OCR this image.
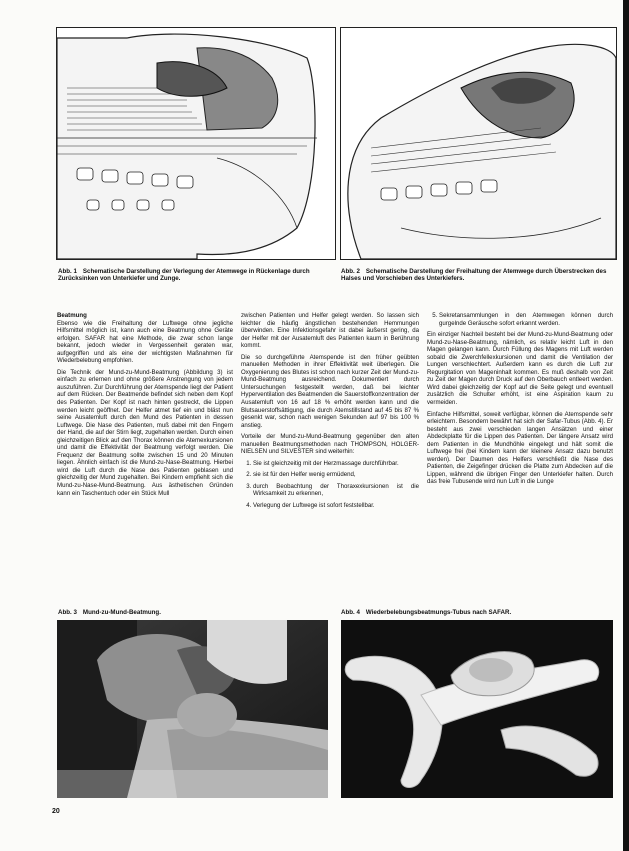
Abb. 1 Schematische Darstellung der Verlegung der Atemwege in Rückenlage durch Zurücksinken von Unterkiefer und Zunge.
Abb. 2 Schematische Darstellung der Freihaltung der Atemwege durch Überstrecken des Halses und Vorschieben des Unterkiefers.

Beatmung

Ebenso wie die Freihaltung der Luftwege ohne jegliche Hilfsmittel möglich ist, kann auch eine Beatmung ohne Geräte erfolgen. SAFAR hat eine Methode, die zwar schon lange bekannt, jedoch wieder in Vergessenheit geraten war, aufgegriffen und als eine der wichtigsten Maßnahmen für Wiederbelebung empfohlen.

Die Technik der Mund-zu-Mund-Beatmung (Abbildung 3) ist einfach zu erlernen und ohne größere Anstrengung von jedem auszuführen. Zur Durchführung der Atemspende liegt der Patient auf dem Rücken. Der Beatmende befindet sich neben dem Kopf des Patienten. Der Kopf ist nach hinten gestreckt, die Lippen werden leicht geöffnet. Der Helfer atmet tief ein und bläst nun seine Ausatemluft durch den Mund des Patienten in dessen Luftwege. Die Nase des Patienten, muß dabei mit den Fingern der Hand, die auf der Stirn liegt, zugehalten werden. Durch einen gleichzeitigen Blick auf den Thorax können die Atemexkursionen und damit die Effektivität der Beatmung verfolgt werden. Die Frequenz der Beatmung sollte zwischen 15 und 20 Minuten liegen. Ähnlich einfach ist die Mund-zu-Nase-Beatmung. Hierbei wird die Luft durch die Nase des Patienten geblasen und gleichzeitig der Mund zugehalten. Bei Kindern empfiehlt sich die Mund-zu-Nase-Mund-Beatmung. Aus ästhetischen Gründen kann ein Taschentuch oder ein Stück Mull

zwischen Patienten und Helfer gelegt werden. So lassen sich leichter die häufig ängstlichen bestehenden Hemmungen überwinden. Eine Infektionsgefahr ist dabei äußerst gering, da der Helfer mit der Ausatemluft des Patienten kaum in Berührung kommt.

Die so durchgeführte Atemspende ist den früher geübten manuellen Methoden in ihrer Effektivität weit überlegen. Die Oxygenierung des Blutes ist schon nach kurzer Zeit der Mund-zu-Mund-Beatmung ausreichend. Dokumentiert durch Untersuchungen festgestellt werden, daß bei leichter Hyperventilation des Beatmenden die Sauerstoffkonzentration der Ausatemluft von 16 auf 18 % erhöht werden kann und die Blutsauerstoffsättigung, die durch Atemstillstand auf 45 bis 87 % gesenkt war, schon nach wenigen Sekunden auf 97 bis 100 % anstieg.

Vorteile der Mund-zu-Mund-Beatmung gegenüber den alten manuellen Beatmungsmethoden nach THOMPSON, HOLGER-NIELSEN und SILVESTER sind weiterhin:

1. Sie ist gleichzeitig mit der Herzmassage durchführbar.
2. sie ist für den Helfer wenig ermüdend,
3. durch Beobachtung der Thoraxexkursionen ist die Wirksamkeit zu erkennen,
4. Verlegung der Luftwege ist sofort feststellbar.
5. Sekretansammlungen in den Atemwegen können durch gurgelnde Geräusche sofort erkannt werden.

Ein einziger Nachteil besteht bei der Mund-zu-Mund-Beatmung oder Mund-zu-Nase-Beatmung, nämlich, es relativ leicht Luft in den Magen gelangen kann. Durch Füllung des Magens mit Luft werden sobald die Zwerchfellexkursionen und damit die Ventilation der Lungen verschlechtert. Außerdem kann es durch die Luft zur Regurgitation von Mageninhalt kommen. Es muß deshalb von Zeit zu Zeit der Magen durch Druck auf den Oberbauch entleert werden. Wird dabei gleichzeitig der Kopf auf die Seite gelegt und eventuell zusätzlich die Schulter erhöht, ist eine Aspiration kaum zu vermeiden.

Einfache Hilfsmittel, soweit verfügbar, können die Atemspende sehr erleichtern. Besondern bewährt hat sich der Safar-Tubus (Abb. 4). Er besteht aus zwei verschieden langen Ansätzen und einer Abdeckplatte für die Lippen des Patienten. Der längere Ansatz wird dem Patienten in die Mundhöhle eingelegt und hält somit die Luftwege frei (bei Kindern kann der kleinere Ansatz dazu benutzt werden). Der Daumen des Helfers verschließt die Nase des Patienten, die Zeigefinger drücken die Platte zum Abdecken auf die Lippen, während die übrigen Finger den Unterkiefer halten. Durch das freie Tubusende wird nun Luft in die Lunge

Abb. 3 Mund-zu-Mund-Beatmung.	Abb. 4 Wiederbelebungsbeatmungs-Tubus nach SAFAR.
20
